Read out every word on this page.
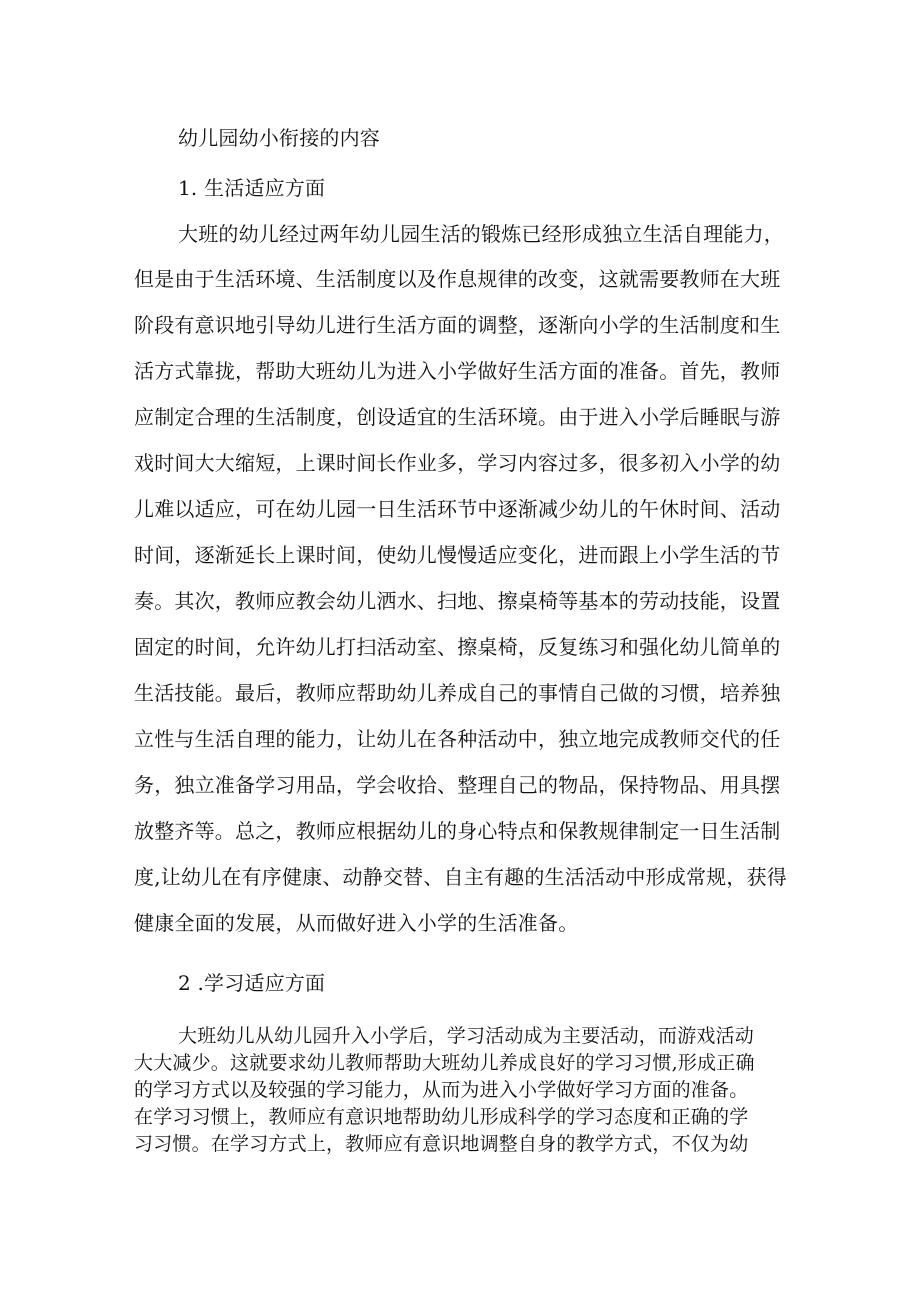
幼儿园幼小衔接的内容
1. 生活适应方面
大班的幼儿经过两年幼儿园生活的锻炼已经形成独立生活自理能力，
但是由于生活环境、生活制度以及作息规律的改变，这就需要教师在大班
阶段有意识地引导幼儿进行生活方面的调整，逐渐向小学的生活制度和生
活方式靠拢，帮助大班幼儿为进入小学做好生活方面的准备。首先，教师
应制定合理的生活制度，创设适宜的生活环境。由于进入小学后睡眠与游
戏时间大大缩短，上课时间长作业多，学习内容过多，很多初入小学的幼
儿难以适应，可在幼儿园一日生活环节中逐渐减少幼儿的午休时间、活动
时间，逐渐延长上课时间，使幼儿慢慢适应变化，进而跟上小学生活的节
奏。其次，教师应教会幼儿洒水、扫地、擦桌椅等基本的劳动技能，设置
固定的时间，允许幼儿打扫活动室、擦桌椅，反复练习和强化幼儿简单的
生活技能。最后，教师应帮助幼儿养成自己的事情自己做的习惯，培养独
立性与生活自理的能力，让幼儿在各种活动中，独立地完成教师交代的任
务，独立准备学习用品，学会收拾、整理自己的物品，保持物品、用具摆
放整齐等。总之，教师应根据幼儿的身心特点和保教规律制定一日生活制
度,让幼儿在有序健康、动静交替、自主有趣的生活活动中形成常规，获得
健康全面的发展，从而做好进入小学的生活准备。
2 .学习适应方面
大班幼儿从幼儿园升入小学后，学习活动成为主要活动，而游戏活动
大大减少。这就要求幼儿教师帮助大班幼儿养成良好的学习习惯,形成正确
的学习方式以及较强的学习能力，从而为进入小学做好学习方面的准备。
在学习习惯上，教师应有意识地帮助幼儿形成科学的学习态度和正确的学
习习惯。在学习方式上，教师应有意识地调整自身的教学方式，不仅为幼
